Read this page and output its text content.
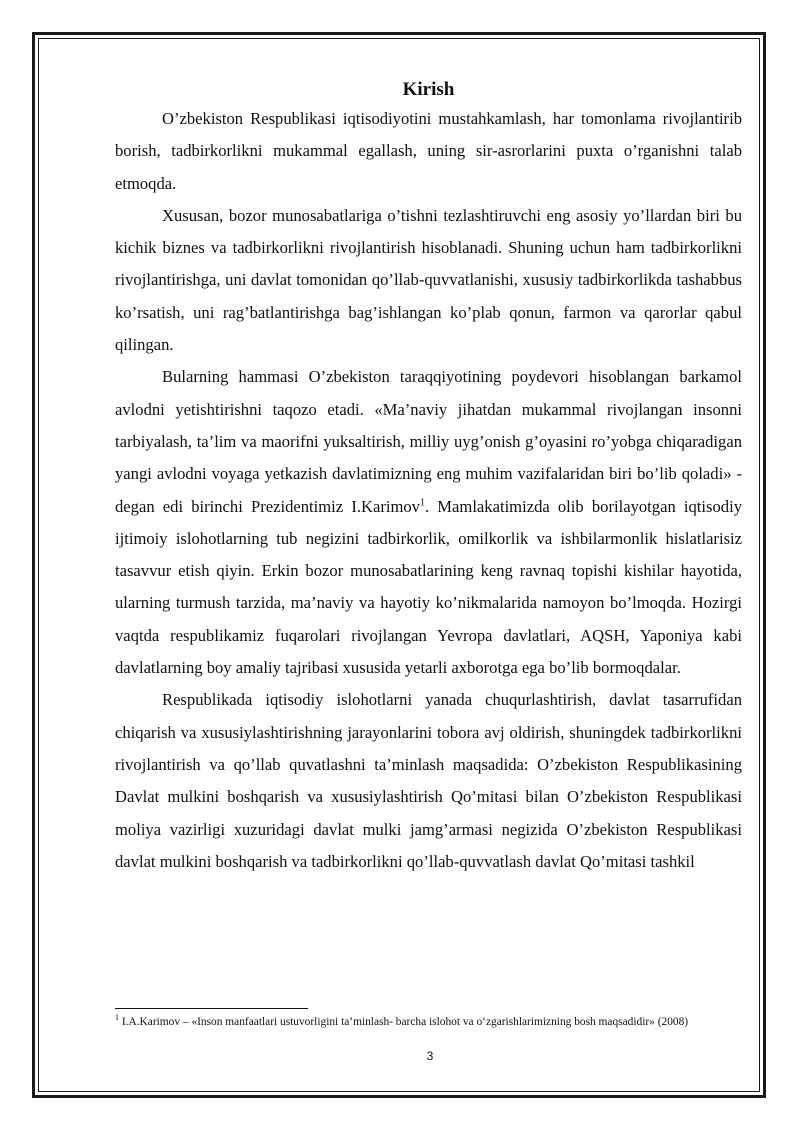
Kirish

O’zbekiston Respublikasi iqtisodiyotini mustahkamlash, har tomonlama rivojlantirib borish, tadbirkorlikni mukammal egallash, uning sir-asrorlarini puxta o’rganishni talab etmoqda.

Xususan, bozor munosabatlariga o’tishni tezlashtiruvchi eng asosiy yo’llardan biri bu kichik biznes va tadbirkorlikni rivojlantirish hisoblanadi. Shuning uchun ham tadbirkorlikni rivojlantirishga, uni davlat tomonidan qo’llab-quvvatlanishi, xususiy tadbirkorlikda tashabbus ko’rsatish, uni rag’batlantirishga bag’ishlangan ko’plab qonun, farmon va qarorlar qabul qilingan.

Bularning hammasi O’zbekiston taraqqiyotining poydevori hisoblangan barkamol avlodni yetishtirishni taqozo etadi. «Ma’naviy jihatdan mukammal rivojlangan insonni tarbiyalash, ta’lim va maorifni yuksaltirish, milliy uyg’onish g’oyasini ro’yobga chiqaradigan yangi avlodni voyaga yetkazish davlatimizning eng muhim vazifalaridan biri bo’lib qoladi» - degan edi birinchi Prezidentimiz I.Karimov$^1$. Mamlakatimizda olib borilayotgan iqtisodiy ijtimoiy islohotlarning tub negizini tadbirkorlik, omilkorlik va ishbilarmonlik hislatlarisiz tasavvur etish qiyin. Erkin bozor munosabatlarining keng ravnaq topishi kishilar hayotida, ularning turmush tarzida, ma’naviy va hayotiy ko’nikmalarida namoyon bo’lmoqda. Hozirgi vaqtda respublikamiz fuqarolari rivojlangan Yevropa davlatlari, AQSH, Yaponiya kabi davlatlarning boy amaliy tajribasi xususida yetarli axborotga ega bo’lib bormoqdalar.

Respublikada iqtisodiy islohotlarni yanada chuqurlashtirish, davlat tasarrufidan chiqarish va xususiylashtirishning jarayonlarini tobora avj oldirish, shuningdek tadbirkorlikni rivojlantirish va qo’llab quvatlashni ta’minlash maqsadida: O’zbekiston Respublikasining Davlat mulkini boshqarish va xususiylashtirish Qo’mitasi bilan O’zbekiston Respublikasi moliya vazirligi xuzuridagi davlat mulki jamg’armasi negizida O’zbekiston Respublikasi davlat mulkini boshqarish va tadbirkorlikni qo’llab-quvvatlash davlat Qo’mitasi tashkil

$^1$ I.A.Karimov – «Inson manfaatlari ustuvorligini ta’minlash- barcha islohot va o‘zgarishlarimizning bosh maqsadidir» (2008)
3
